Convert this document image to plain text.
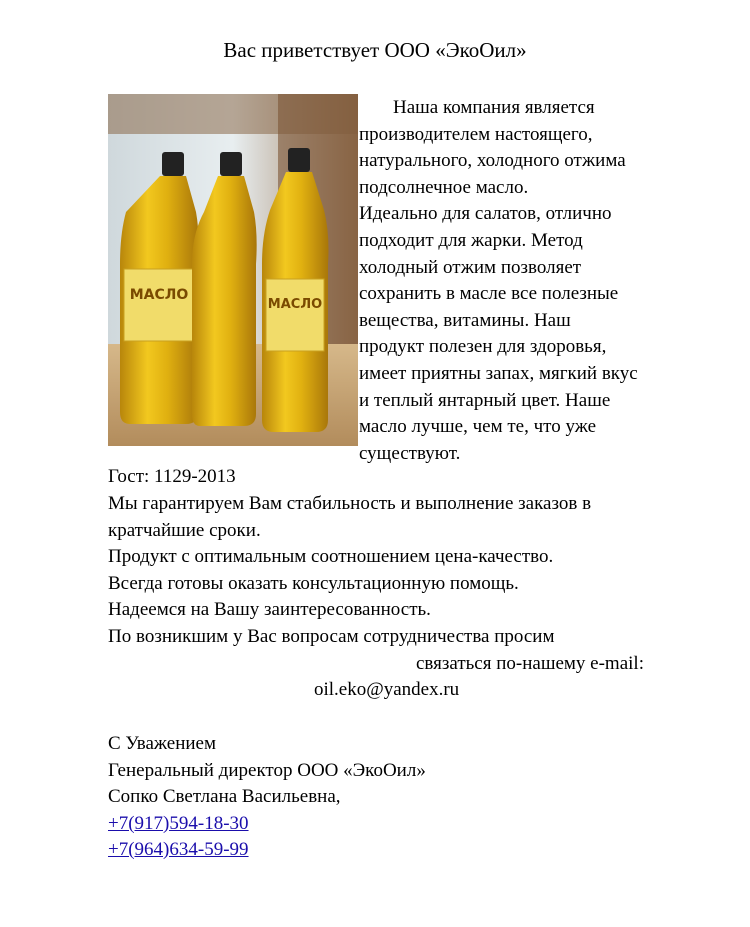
Вас приветствует ООО «ЭкоОил»
МАСЛО
МАСЛО

Наша компания является

производителем настоящего,

натурального, холодного отжима

подсолнечное масло.

Идеально для салатов, отлично

подходит для жарки. Метод

холодный отжим позволяет

сохранить в масле все полезные

вещества, витамины. Наш

продукт полезен для здоровья,

имеет приятны запах, мягкий вкус

и теплый янтарный цвет. Наше

масло лучше, чем те, что уже

существуют.

Гост: 1129-2013
Мы гарантируем Вам стабильность и выполнение заказов в
кратчайшие сроки.
Продукт с оптимальным соотношением цена-качество.
Всегда готовы оказать консультационную помощь.
Надеемся на Вашу заинтересованность.
По возникшим у Вас вопросам сотрудничества просим
связаться по-нашему e-mail:
oil.eko@yandex.ru
С Уважением
Генеральный директор ООО «ЭкоОил»
Сопко Светлана Васильевна,
+7(917)594-18-30
+7(964)634-59-99
